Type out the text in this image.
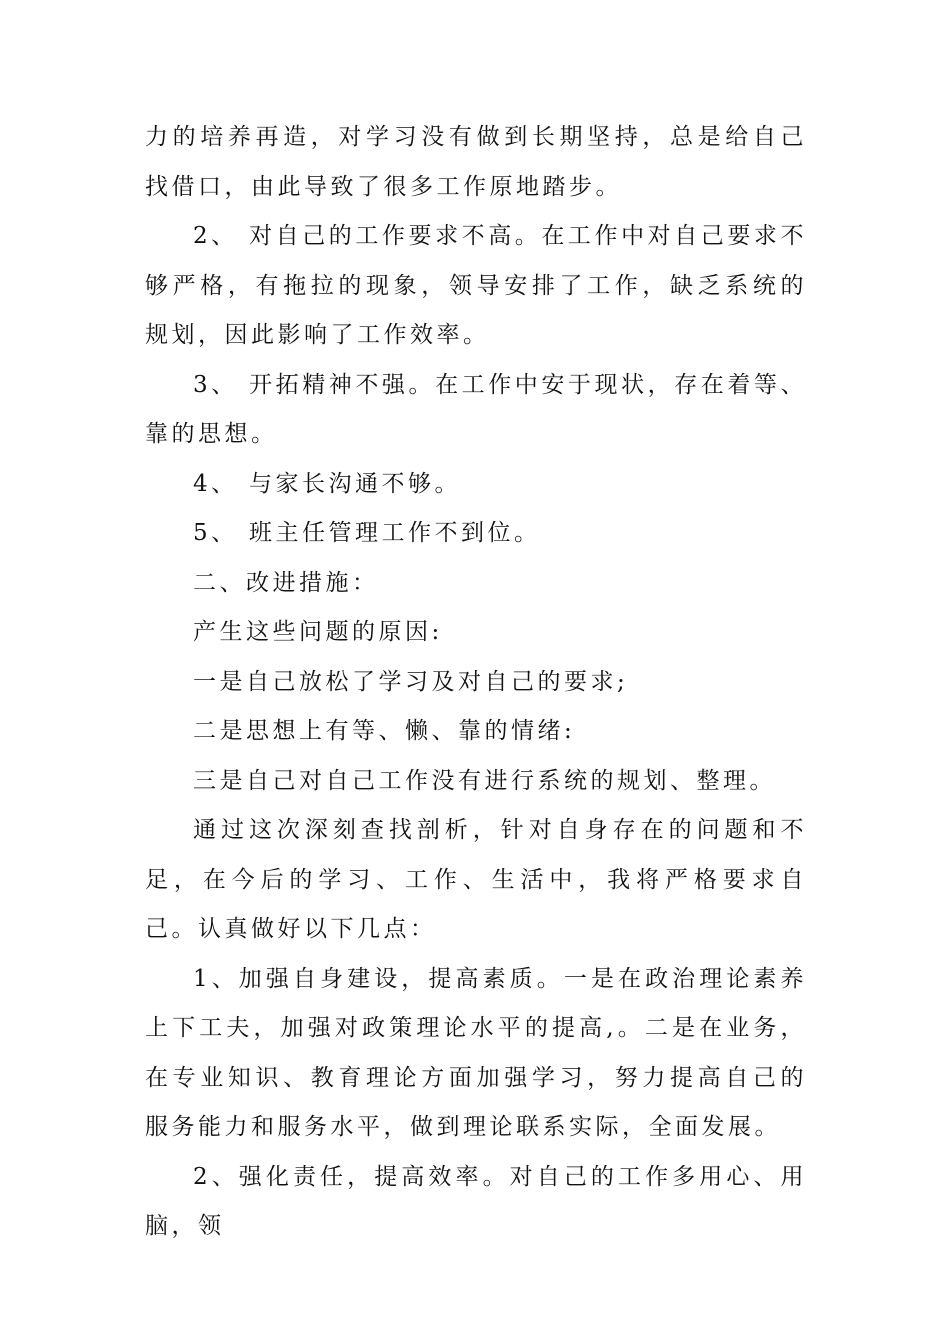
力的培养再造，对学习没有做到长期坚持，总是给自己找借口，由此导致了很多工作原地踏步。

2、 对自己的工作要求不高。在工作中对自己要求不够严格，有拖拉的现象，领导安排了工作，缺乏系统的规划，因此影响了工作效率。

3、 开拓精神不强。在工作中安于现状，存在着等、靠的思想。

4、 与家长沟通不够。

5、 班主任管理工作不到位。

二、改进措施：

产生这些问题的原因:

一是自己放松了学习及对自己的要求;

二是思想上有等、懒、靠的情绪:

三是自己对自己工作没有进行系统的规划、整理。

通过这次深刻查找剖析，针对自身存在的问题和不足，在今后的学习、工作、生活中，我将严格要求自己。认真做好以下几点：

1、加强自身建设，提高素质。一是在政治理论素养上下工夫，加强对政策理论水平的提高,。二是在业务，在专业知识、教育理论方面加强学习，努力提高自己的服务能力和服务水平，做到理论联系实际，全面发展。

2、强化责任，提高效率。对自己的工作多用心、用脑，领
